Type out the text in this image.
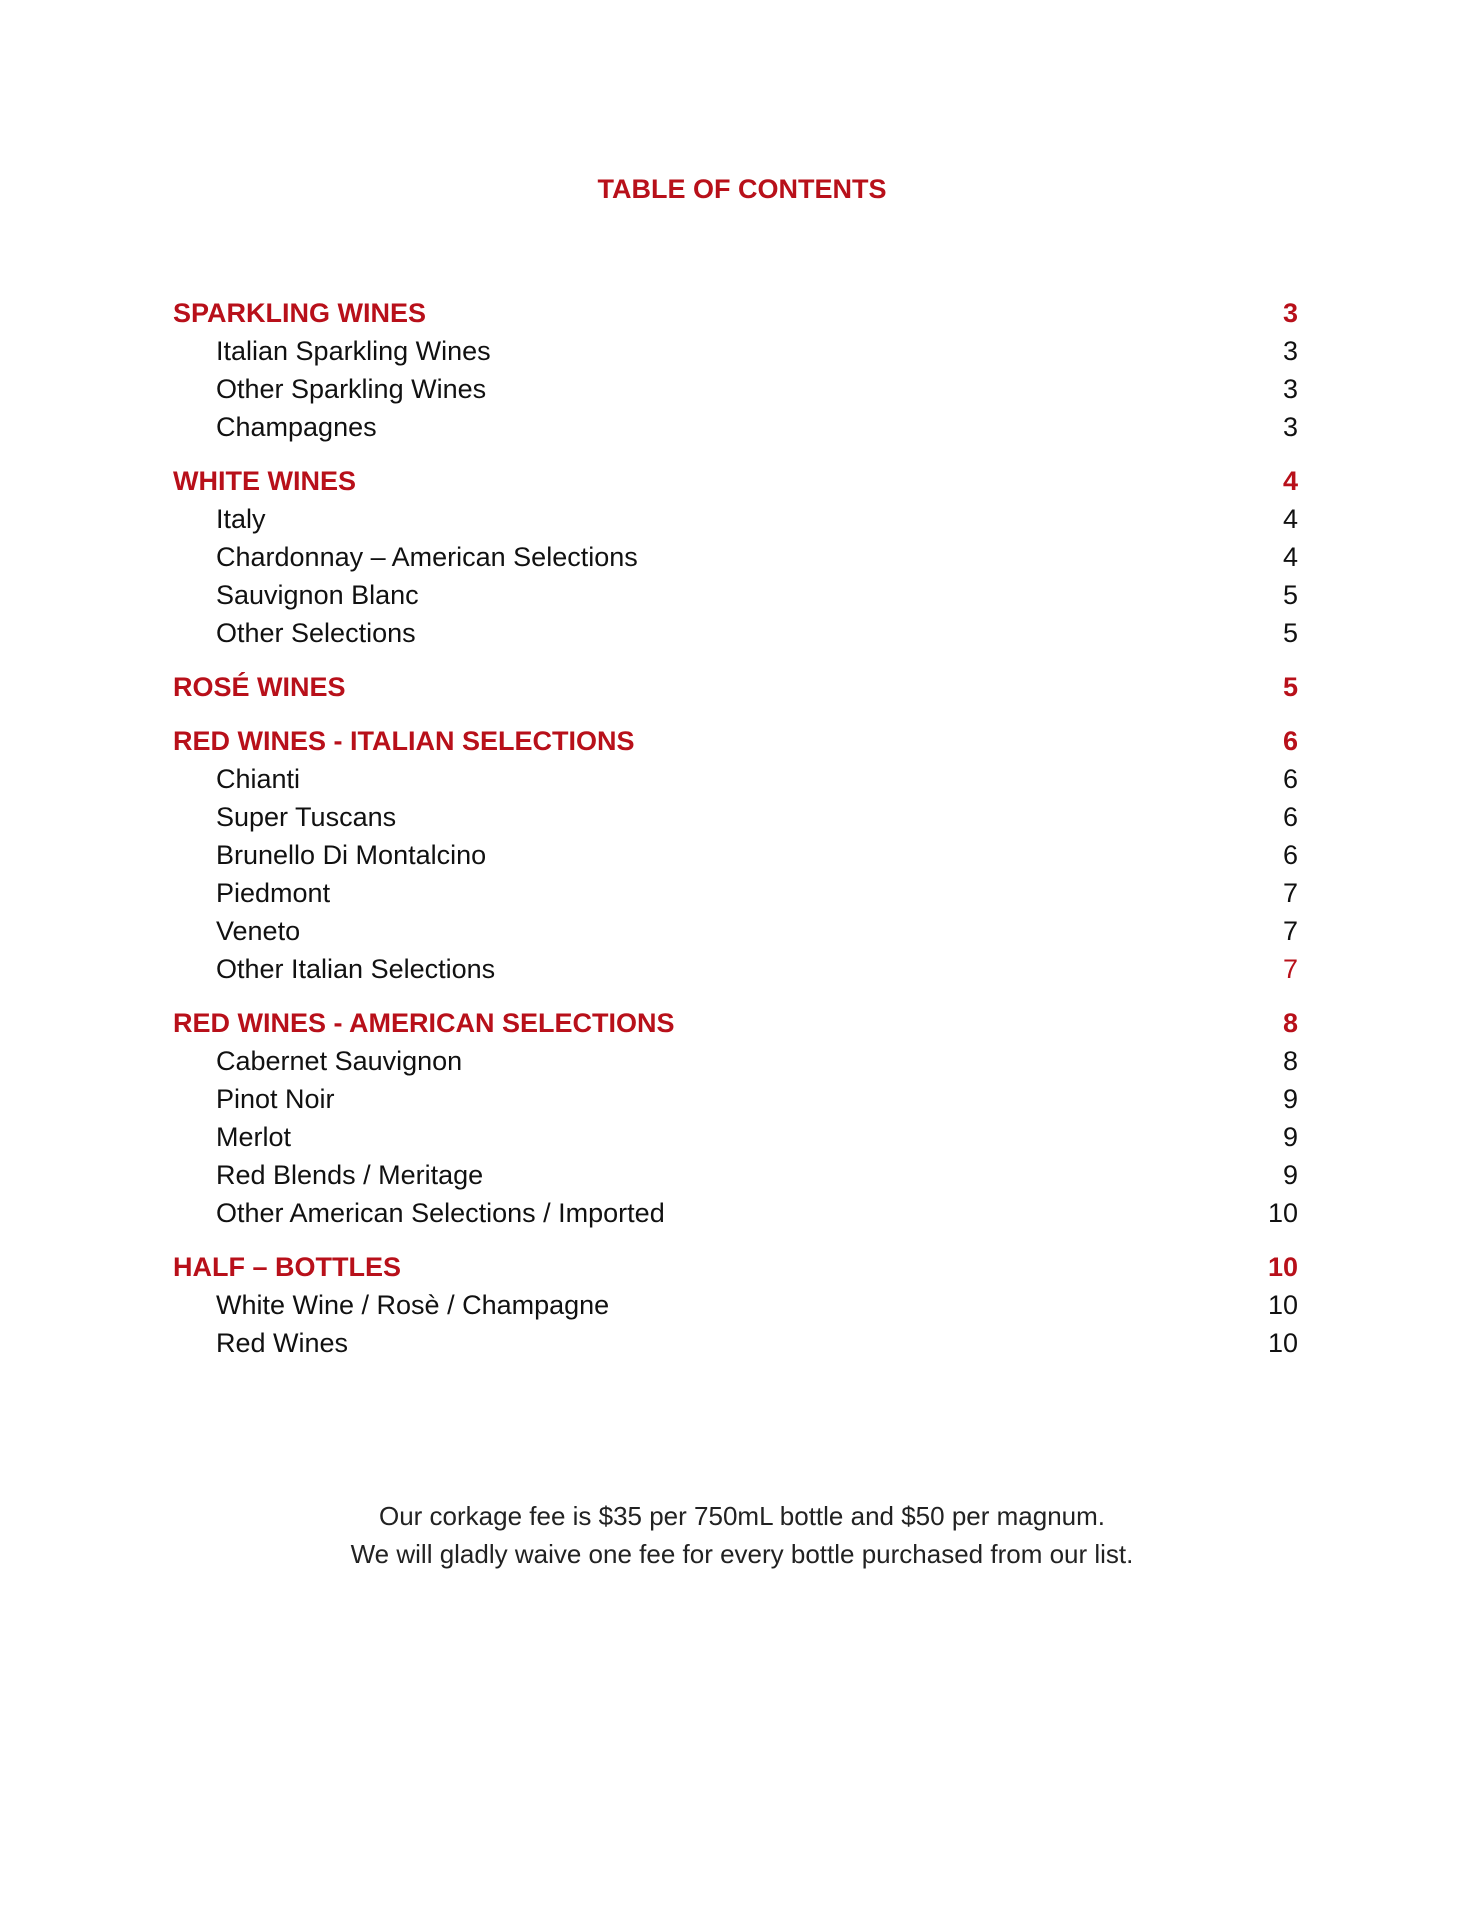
TABLE OF CONTENTS
SPARKLING WINES	3
Italian Sparkling Wines	3
Other Sparkling Wines	3
Champagnes	3
WHITE WINES	4
Italy	4
Chardonnay – American Selections	4
Sauvignon Blanc	5
Other Selections	5
ROSÉ WINES	5
RED WINES - ITALIAN SELECTIONS	6
Chianti	6
Super Tuscans	6
Brunello Di Montalcino	6
Piedmont	7
Veneto	7
Other Italian Selections	7
RED WINES - AMERICAN SELECTIONS	8
Cabernet Sauvignon	8
Pinot Noir	9
Merlot	9
Red Blends / Meritage	9
Other American Selections / Imported	10
HALF – BOTTLES	10
White Wine / Rosè / Champagne	10
Red Wines	10
Our corkage fee is $35 per 750mL bottle and $50 per magnum.
We will gladly waive one fee for every bottle purchased from our list.
